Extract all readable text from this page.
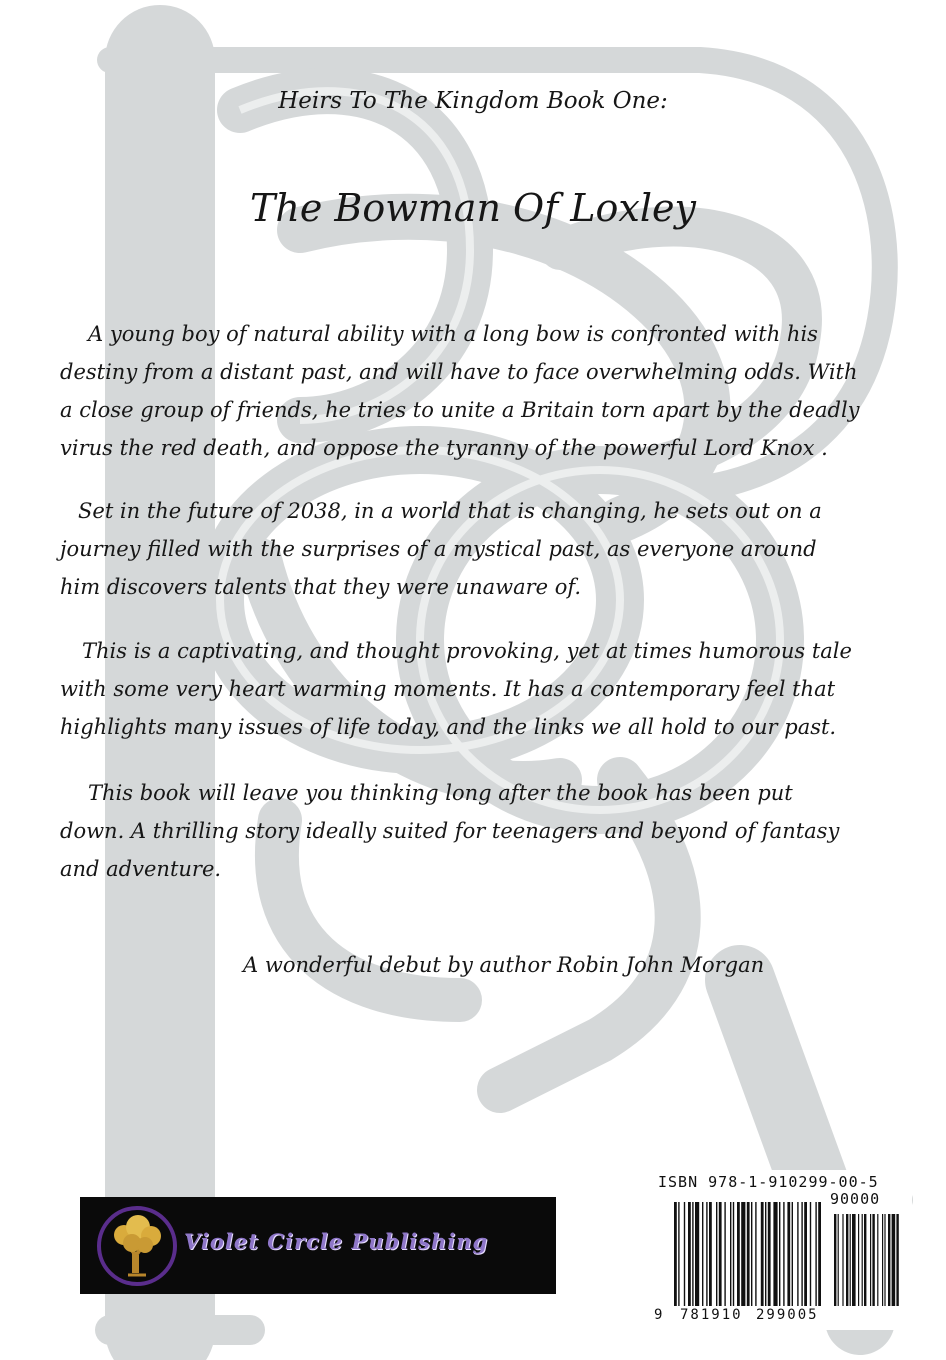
Heirs To The Kingdom Book One:

The Bowman Of Loxley

A young boy of natural ability with a long bow is confronted with his destiny from a distant past, and will have to face overwhelming odds. With a close group of friends, he tries to unite a Britain torn apart by the deadly virus the red death, and oppose the tyranny of the powerful Lord Knox .

Set in the future of 2038, in a world that is changing, he sets out on a journey filled with the surprises of a mystical past, as everyone around him discovers talents that they were unaware of.

This is a captivating, and thought provoking, yet at times humorous tale with some very heart warming moments. It has a contemporary feel that highlights many issues of life today, and the links we all hold to our past.

This book will leave you thinking long after the book has been put down. A thrilling story ideally suited for teenagers and beyond of fantasy and adventure.

A wonderful debut by author Robin John Morgan

Violet Circle Publishing
ISBN 978-1-910299-00-5
90000
9 781910 299005
